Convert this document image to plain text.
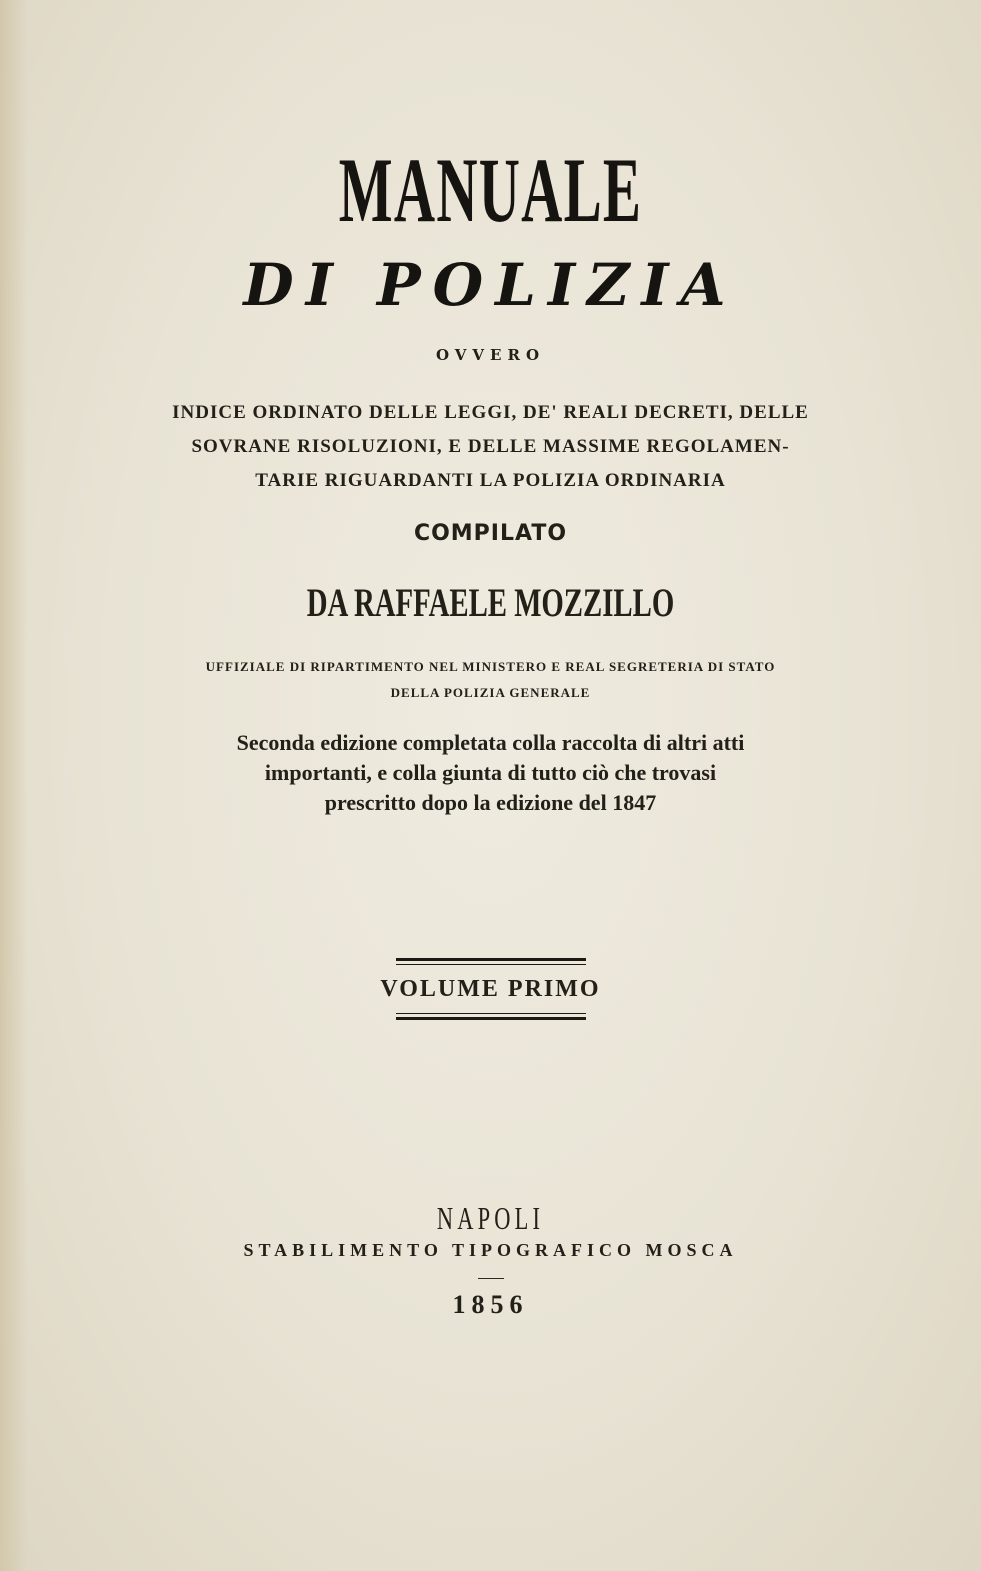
MANUALE
DI POLIZIA
OVVERO
INDICE ORDINATO DELLE LEGGI, DE' REALI DECRETI, DELLE
SOVRANE RISOLUZIONI, E DELLE MASSIME REGOLAMEN-
TARIE RIGUARDANTI LA POLIZIA ORDINARIA
COMPILATO
DA RAFFAELE MOZZILLO
UFFIZIALE DI RIPARTIMENTO NEL MINISTERO E REAL SEGRETERIA DI STATO
DELLA POLIZIA GENERALE
Seconda edizione completata colla raccolta di altri atti
importanti, e colla giunta di tutto ciò che trovasi
prescritto dopo la edizione del 1847
VOLUME PRIMO
NAPOLI
STABILIMENTO TIPOGRAFICO MOSCA
1856
